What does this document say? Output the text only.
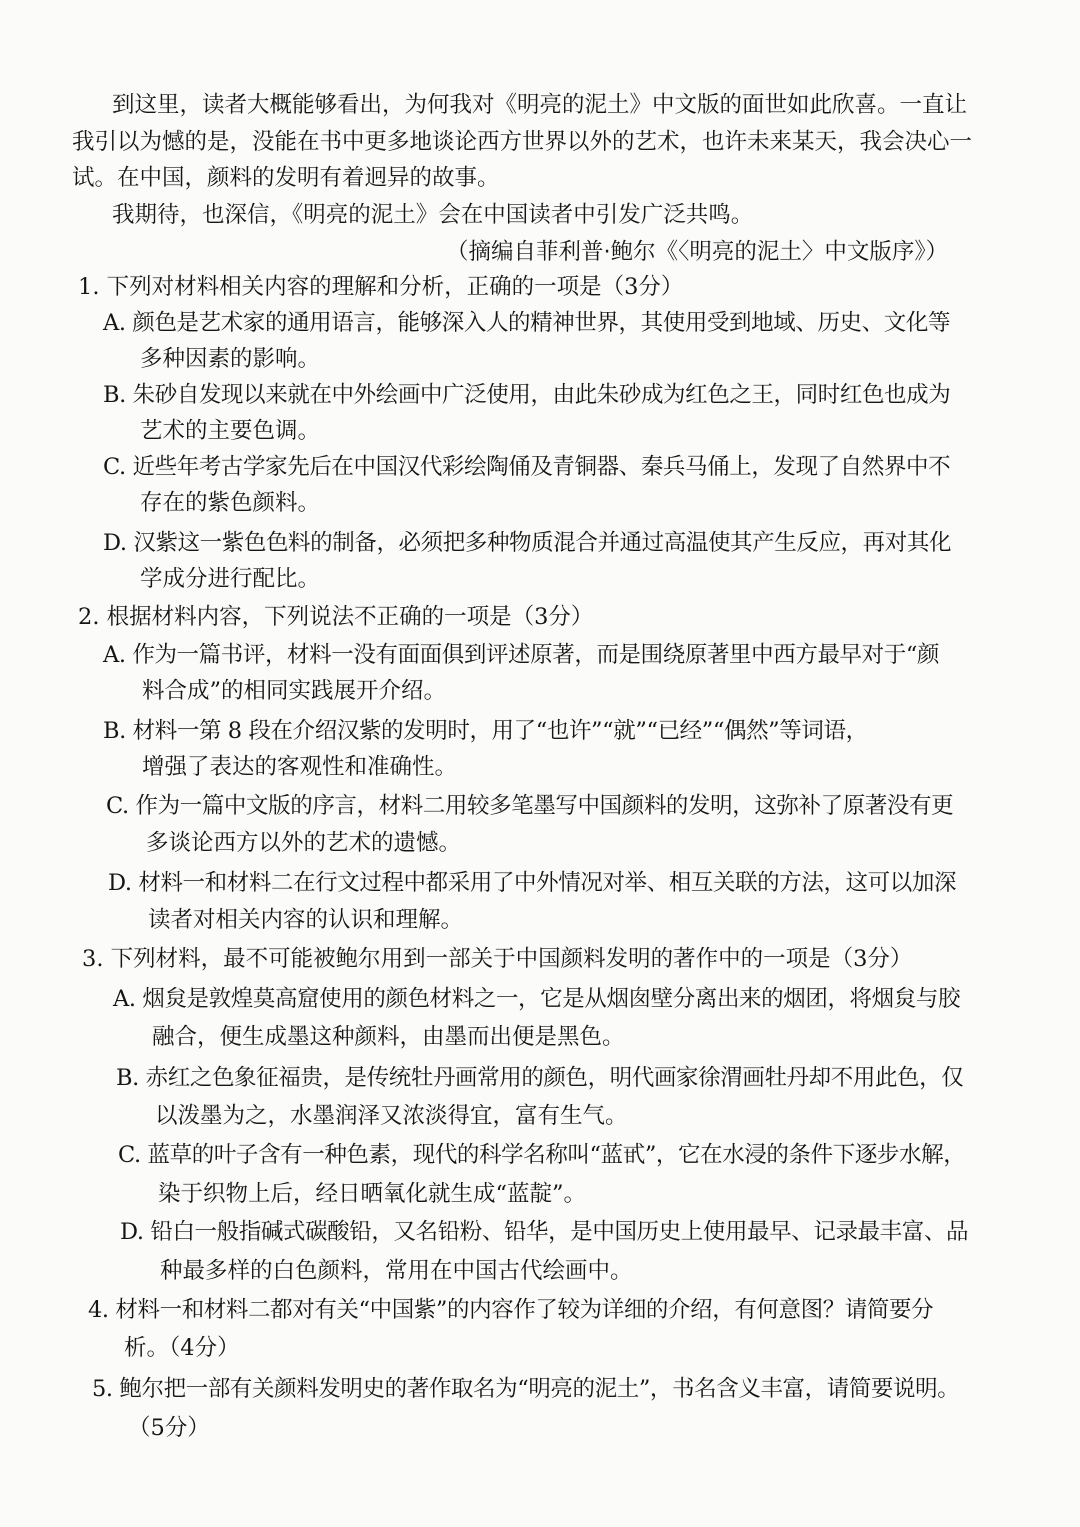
到这里，读者大概能够看出，为何我对《明亮的泥土》中文版的面世如此欣喜。一直让

我引以为憾的是，没能在书中更多地谈论西方世界以外的艺术，也许未来某天，我会决心一

试。在中国，颜料的发明有着迥异的故事。

我期待，也深信，《明亮的泥土》会在中国读者中引发广泛共鸣。

（摘编自菲利普·鲍尔《〈明亮的泥土〉中文版序》）

1. 下列对材料相关内容的理解和分析，正确的一项是（3分）

A. 颜色是艺术家的通用语言，能够深入人的精神世界，其使用受到地域、历史、文化等

多种因素的影响。

B. 朱砂自发现以来就在中外绘画中广泛使用，由此朱砂成为红色之王，同时红色也成为

艺术的主要色调。

C. 近些年考古学家先后在中国汉代彩绘陶俑及青铜器、秦兵马俑上，发现了自然界中不

存在的紫色颜料。

D. 汉紫这一紫色色料的制备，必须把多种物质混合并通过高温使其产生反应，再对其化

学成分进行配比。

2. 根据材料内容，下列说法不正确的一项是（3分）

A. 作为一篇书评，材料一没有面面俱到评述原著，而是围绕原著里中西方最早对于“颜

料合成”的相同实践展开介绍。

B. 材料一第 8 段在介绍汉紫的发明时，用了“也许”“就”“已经”“偶然”等词语，

增强了表达的客观性和准确性。

C. 作为一篇中文版的序言，材料二用较多笔墨写中国颜料的发明，这弥补了原著没有更

多谈论西方以外的艺术的遗憾。

D. 材料一和材料二在行文过程中都采用了中外情况对举、相互关联的方法，这可以加深

读者对相关内容的认识和理解。

3. 下列材料，最不可能被鲍尔用到一部关于中国颜料发明的著作中的一项是（3分）

A. 烟炱是敦煌莫高窟使用的颜色材料之一，它是从烟囱壁分离出来的烟团，将烟炱与胶

融合，便生成墨这种颜料，由墨而出便是黑色。

B. 赤红之色象征福贵，是传统牡丹画常用的颜色，明代画家徐渭画牡丹却不用此色，仅

以泼墨为之，水墨润泽又浓淡得宜，富有生气。

C. 蓝草的叶子含有一种色素，现代的科学名称叫“蓝甙”，它在水浸的条件下逐步水解，

染于织物上后，经日晒氧化就生成“蓝靛”。

D. 铅白一般指碱式碳酸铅，又名铅粉、铅华，是中国历史上使用最早、记录最丰富、品

种最多样的白色颜料，常用在中国古代绘画中。

4. 材料一和材料二都对有关“中国紫”的内容作了较为详细的介绍，有何意图？请简要分

析。（4分）

5. 鲍尔把一部有关颜料发明史的著作取名为“明亮的泥土”，书名含义丰富，请简要说明。

（5分）
